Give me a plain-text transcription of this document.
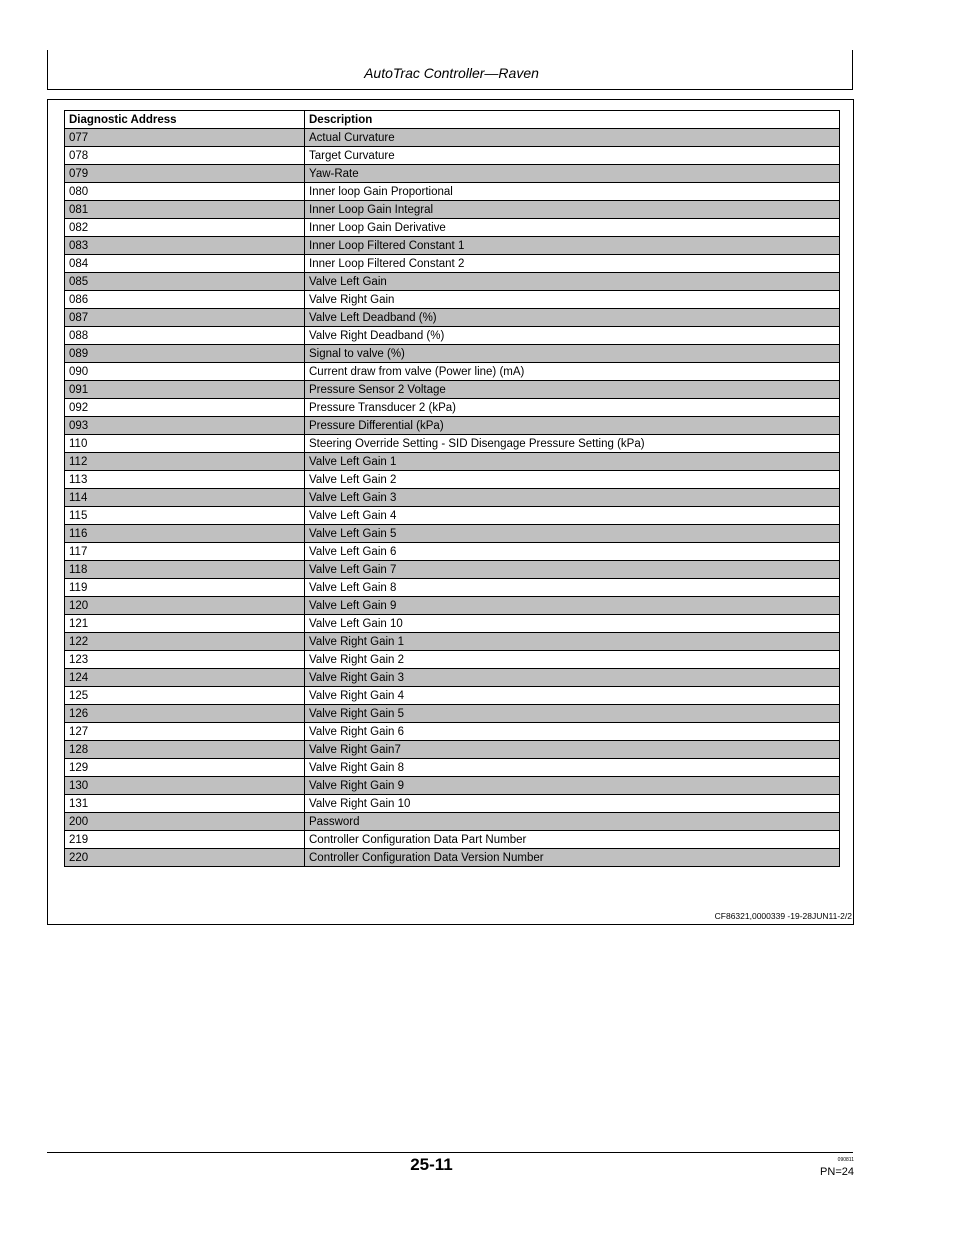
AutoTrac Controller—Raven
Diagnostic Address	Description
077	Actual Curvature
078	Target Curvature
079	Yaw-Rate
080	Inner loop Gain Proportional
081	Inner Loop Gain Integral
082	Inner Loop Gain Derivative
083	Inner Loop Filtered Constant 1
084	Inner Loop Filtered Constant 2
085	Valve Left Gain
086	Valve Right Gain
087	Valve Left Deadband (%)
088	Valve Right Deadband (%)
089	Signal to valve (%)
090	Current draw from valve (Power line) (mA)
091	Pressure Sensor 2 Voltage
092	Pressure Transducer 2 (kPa)
093	Pressure Differential (kPa)
110	Steering Override Setting - SID Disengage Pressure Setting (kPa)
112	Valve Left Gain 1
113	Valve Left Gain 2
114	Valve Left Gain 3
115	Valve Left Gain 4
116	Valve Left Gain 5
117	Valve Left Gain 6
118	Valve Left Gain 7
119	Valve Left Gain 8
120	Valve Left Gain 9
121	Valve Left Gain 10
122	Valve Right Gain 1
123	Valve Right Gain 2
124	Valve Right Gain 3
125	Valve Right Gain 4
126	Valve Right Gain 5
127	Valve Right Gain 6
128	Valve Right Gain7
129	Valve Right Gain 8
130	Valve Right Gain 9
131	Valve Right Gain 10
200	Password
219	Controller Configuration Data Part Number
220	Controller Configuration Data Version Number
CF86321,0000339 -19-28JUN11-2/2
25-11	090811
PN=24
